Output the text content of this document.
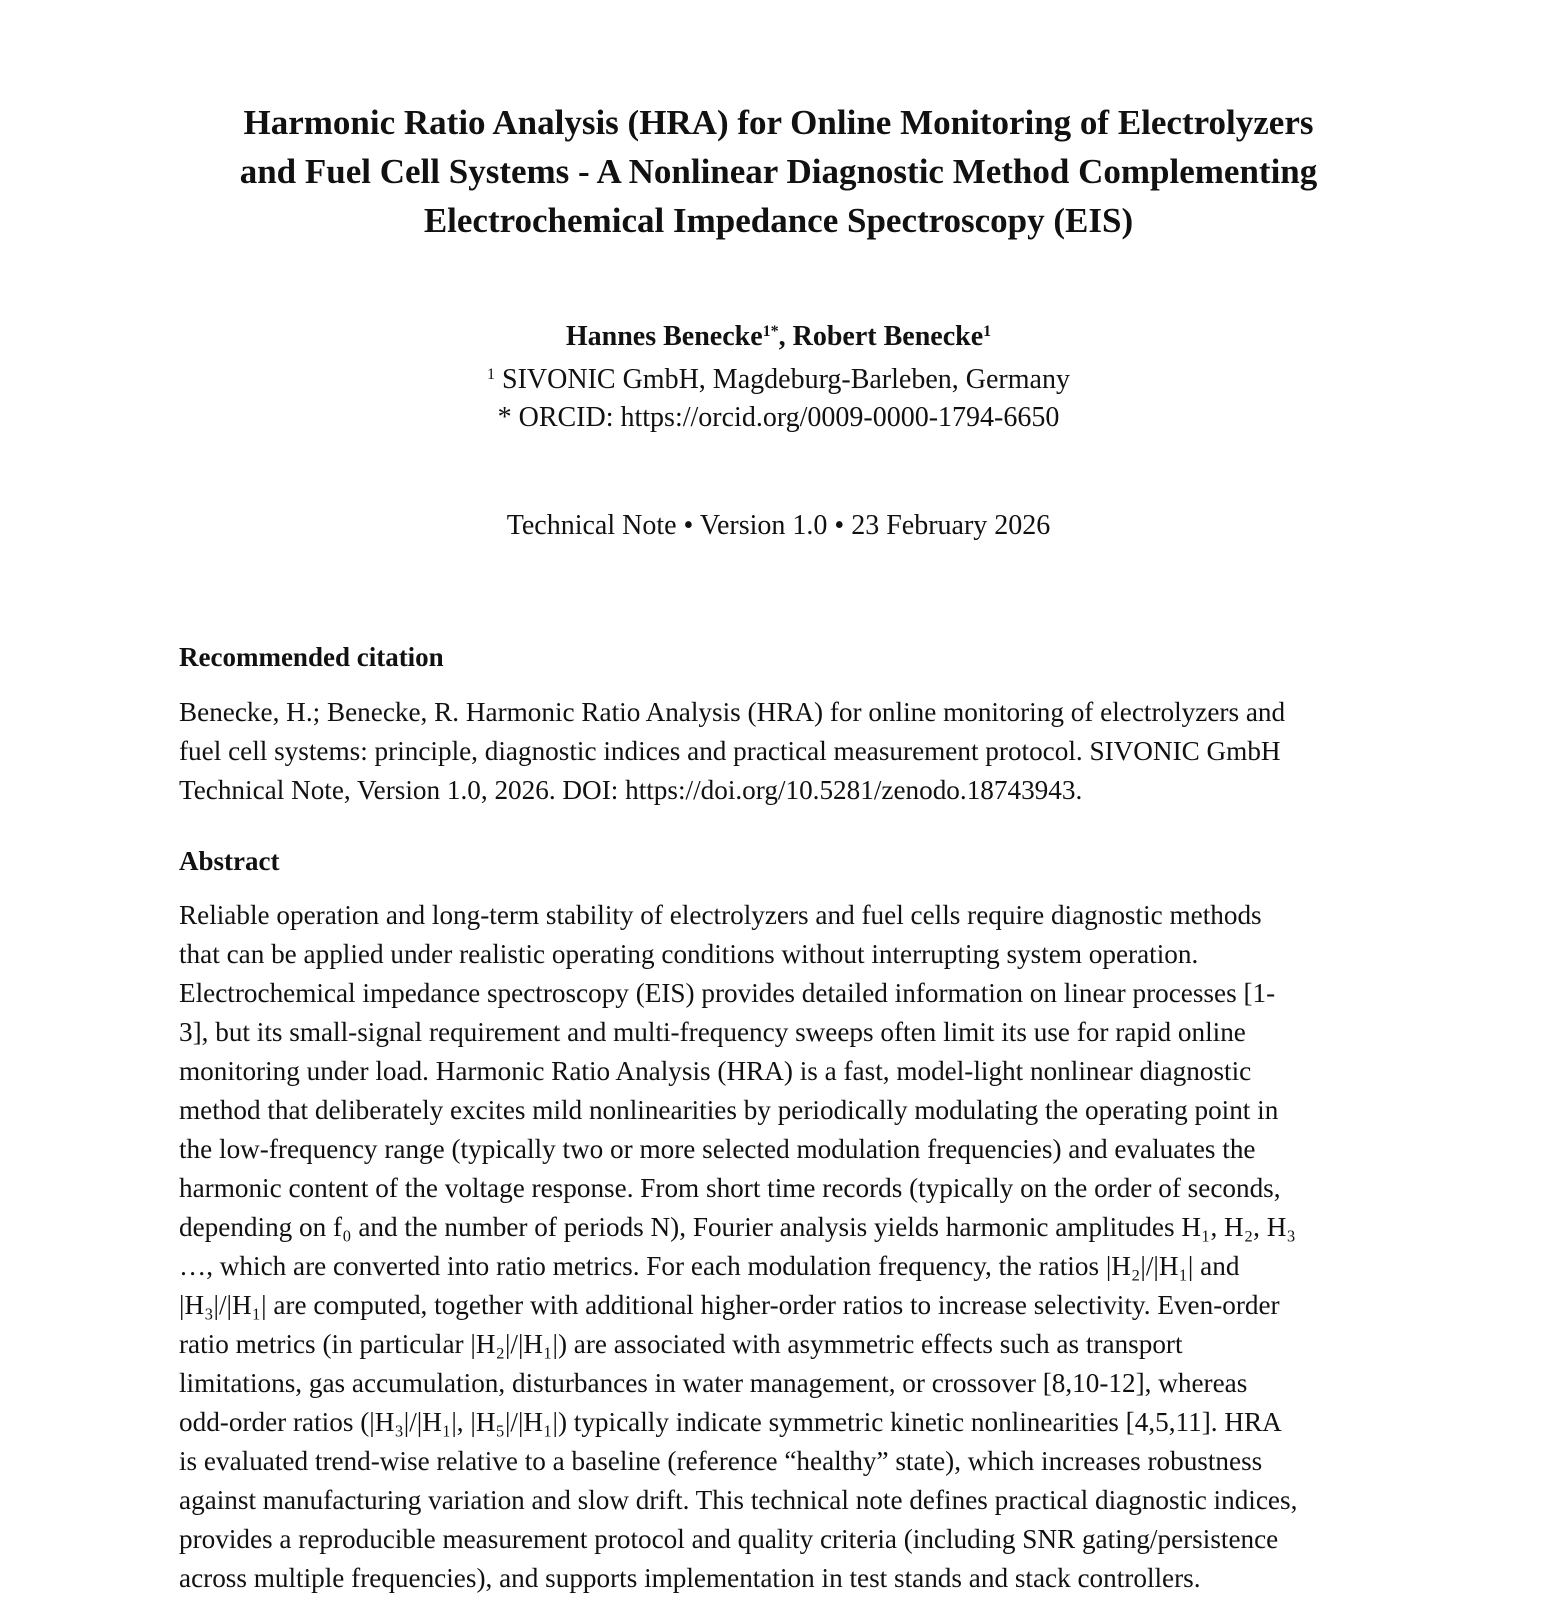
Harmonic Ratio Analysis (HRA) for Online Monitoring of Electrolyzers
and Fuel Cell Systems - A Nonlinear Diagnostic Method Complementing
Electrochemical Impedance Spectroscopy (EIS)
Hannes Benecke$^{1*}$, Robert Benecke$^1$
$^1$ SIVONIC GmbH, Magdeburg-Barleben, Germany
* ORCID: https://orcid.org/0009-0000-1794-6650
Technical Note • Version 1.0 • 23 February 2026
Recommended citation

Benecke, H.; Benecke, R. Harmonic Ratio Analysis (HRA) for online monitoring of electrolyzers and
fuel cell systems: principle, diagnostic indices and practical measurement protocol. SIVONIC GmbH
Technical Note, Version 1.0, 2026. DOI: https://doi.org/10.5281/zenodo.18743943.

Abstract

Reliable operation and long-term stability of electrolyzers and fuel cells require diagnostic methods
that can be applied under realistic operating conditions without interrupting system operation.
Electrochemical impedance spectroscopy (EIS) provides detailed information on linear processes [1-
3], but its small-signal requirement and multi-frequency sweeps often limit its use for rapid online
monitoring under load. Harmonic Ratio Analysis (HRA) is a fast, model-light nonlinear diagnostic
method that deliberately excites mild nonlinearities by periodically modulating the operating point in
the low-frequency range (typically two or more selected modulation frequencies) and evaluates the
harmonic content of the voltage response. From short time records (typically on the order of seconds,
depending on f₀ and the number of periods N), Fourier analysis yields harmonic amplitudes H₁, H₂, H₃
…, which are converted into ratio metrics. For each modulation frequency, the ratios |H₂|/|H₁| and
|H₃|/|H₁| are computed, together with additional higher-order ratios to increase selectivity. Even-order
ratio metrics (in particular |H₂|/|H₁|) are associated with asymmetric effects such as transport
limitations, gas accumulation, disturbances in water management, or crossover [8,10-12], whereas
odd-order ratios (|H₃|/|H₁|, |H₅|/|H₁|) typically indicate symmetric kinetic nonlinearities [4,5,11]. HRA
is evaluated trend-wise relative to a baseline (reference “healthy” state), which increases robustness
against manufacturing variation and slow drift. This technical note defines practical diagnostic indices,
provides a reproducible measurement protocol and quality criteria (including SNR gating/persistence
across multiple frequencies), and supports implementation in test stands and stack controllers.
